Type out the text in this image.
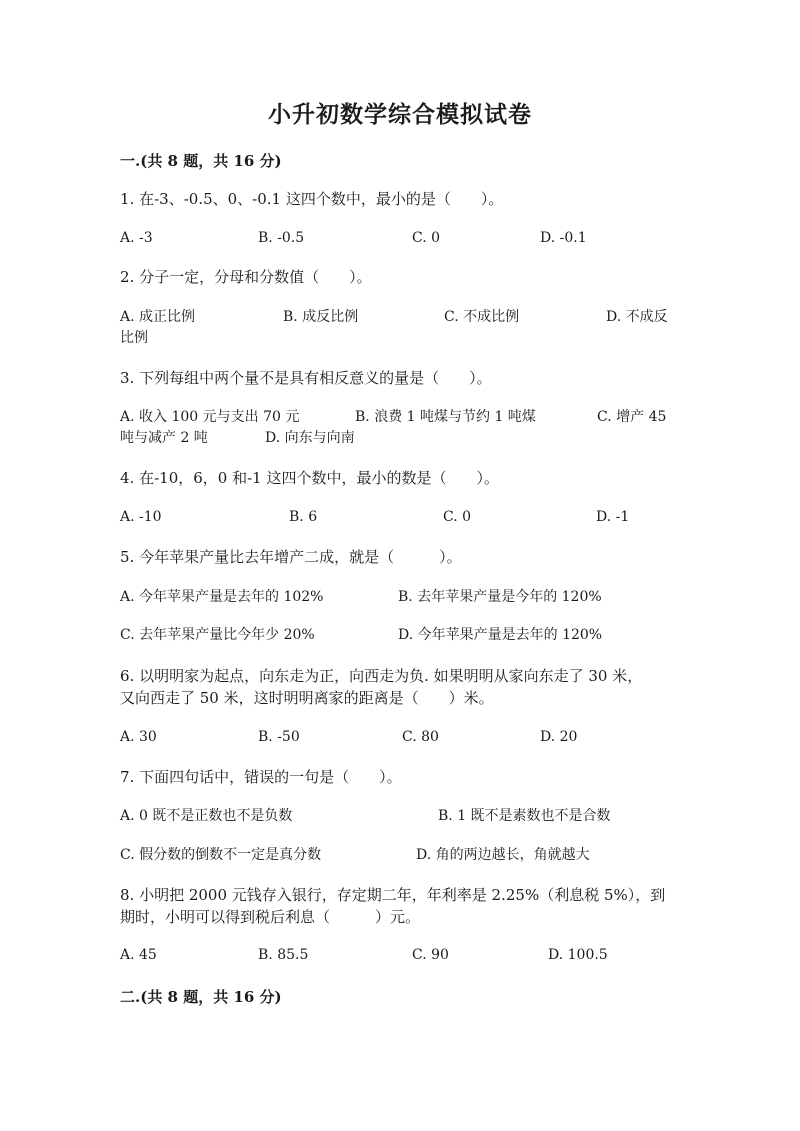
小升初数学综合模拟试卷
一.(共 8 题，共 16 分)
1. 在-3、-0.5、0、-0.1 这四个数中，最小的是（　　）。
A. -3	B. -0.5	C. 0	D. -0.1
2. 分子一定，分母和分数值（　　）。
A. 成正比例	B. 成反比例	C. 不成比例	D. 不成反
比例
3. 下列每组中两个量不是具有相反意义的量是（　　）。
A. 收入 100 元与支出 70 元	B. 浪费 1 吨煤与节约 1 吨煤	C. 增产 45
吨与减产 2 吨	D. 向东与向南
4. 在-10，6，0 和-1 这四个数中，最小的数是（　　）。
A. -10	B. 6	C. 0	D. -1
5. 今年苹果产量比去年增产二成，就是（　　　）。
A. 今年苹果产量是去年的 102%	B. 去年苹果产量是今年的 120%
C. 去年苹果产量比今年少 20%	D. 今年苹果产量是去年的 120%
6. 以明明家为起点，向东走为正，向西走为负. 如果明明从家向东走了 30 米，
又向西走了 50 米，这时明明离家的距离是（　　）米。
A. 30	B. -50	C. 80	D. 20
7. 下面四句话中，错误的一句是（　　）。
A. 0 既不是正数也不是负数	B. 1 既不是素数也不是合数
C. 假分数的倒数不一定是真分数	D. 角的两边越长，角就越大
8. 小明把 2000 元钱存入银行，存定期二年，年利率是 2.25%（利息税 5%），到
期时，小明可以得到税后利息（　　　）元。
A. 45	B. 85.5	C. 90	D. 100.5
二.(共 8 题，共 16 分)
